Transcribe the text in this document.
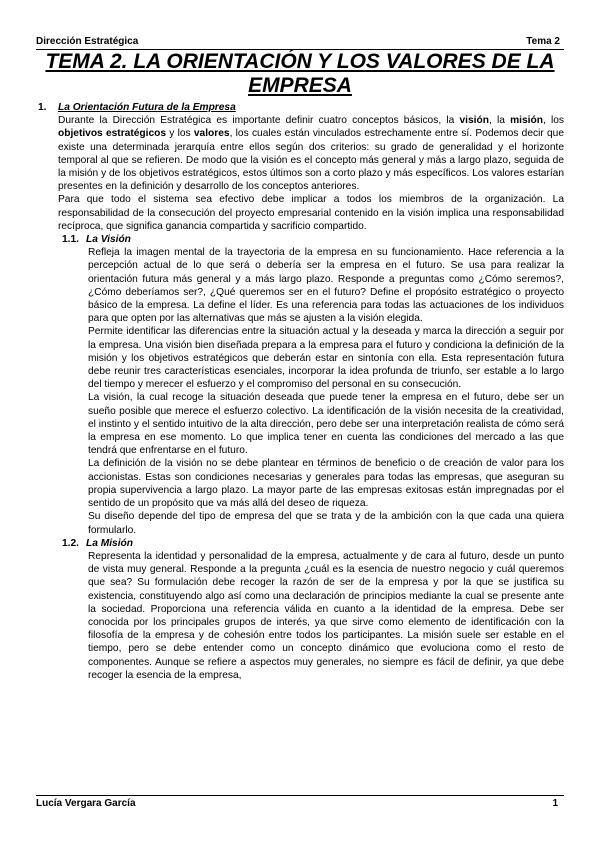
Dirección Estratégica	Tema 2
TEMA 2. LA ORIENTACIÓN Y LOS VALORES DE LA EMPRESA

1. La Orientación Futura de la Empresa

Durante la Dirección Estratégica es importante definir cuatro conceptos básicos, la visión, la misión, los objetivos estratégicos y los valores, los cuales están vinculados estrechamente entre sí. Podemos decir que existe una determinada jerarquía entre ellos según dos criterios: su grado de generalidad y el horizonte temporal al que se refieren. De modo que la visión es el concepto más general y más a largo plazo, seguida de la misión y de los objetivos estratégicos, estos últimos son a corto plazo y más específicos. Los valores estarían presentes en la definición y desarrollo de los conceptos anteriores.

Para que todo el sistema sea efectivo debe implicar a todos los miembros de la organización. La responsabilidad de la consecución del proyecto empresarial contenido en la visión implica una responsabilidad recíproca, que significa ganancia compartida y sacrificio compartido.

1.1. La Visión

Refleja la imagen mental de la trayectoria de la empresa en su funcionamiento. Hace referencia a la percepción actual de lo que será o debería ser la empresa en el futuro. Se usa para realizar la orientación futura más general y a más largo plazo. Responde a preguntas como ¿Cómo seremos?, ¿Cómo deberíamos ser?, ¿Qué queremos ser en el futuro? Define el propósito estratégico o proyecto básico de la empresa. La define el líder. Es una referencia para todas las actuaciones de los individuos para que opten por las alternativas que más se ajusten a la visión elegida.

Permite identificar las diferencias entre la situación actual y la deseada y marca la dirección a seguir por la empresa. Una visión bien diseñada prepara a la empresa para el futuro y condiciona la definición de la misión y los objetivos estratégicos que deberán estar en sintonía con ella. Esta representación futura debe reunir tres características esenciales, incorporar la idea profunda de triunfo, ser estable a lo largo del tiempo y merecer el esfuerzo y el compromiso del personal en su consecución.

La visión, la cual recoge la situación deseada que puede tener la empresa en el futuro, debe ser un sueño posible que merece el esfuerzo colectivo. La identificación de la visión necesita de la creatividad, el instinto y el sentido intuitivo de la alta dirección, pero debe ser una interpretación realista de cómo será la empresa en ese momento. Lo que implica tener en cuenta las condiciones del mercado a las que tendrá que enfrentarse en el futuro.

La definición de la visión no se debe plantear en términos de beneficio o de creación de valor para los accionistas. Estas son condiciones necesarias y generales para todas las empresas, que aseguran su propia supervivencia a largo plazo. La mayor parte de las empresas exitosas están impregnadas por el sentido de un propósito que va más allá del deseo de riqueza.

Su diseño depende del tipo de empresa del que se trata y de la ambición con la que cada una quiera formularlo.

1.2. La Misión

Representa la identidad y personalidad de la empresa, actualmente y de cara al futuro, desde un punto de vista muy general. Responde a la pregunta ¿cuál es la esencia de nuestro negocio y cuál queremos que sea? Su formulación debe recoger la razón de ser de la empresa y por la que se justifica su existencia, constituyendo algo así como una declaración de principios mediante la cual se presente ante la sociedad. Proporciona una referencia válida en cuanto a la identidad de la empresa. Debe ser conocida por los principales grupos de interés, ya que sirve como elemento de identificación con la filosofía de la empresa y de cohesión entre todos los participantes. La misión suele ser estable en el tiempo, pero se debe entender como un concepto dinámico que evoluciona como el resto de componentes. Aunque se refiere a aspectos muy generales, no siempre es fácil de definir, ya que debe recoger la esencia de la empresa,

Lucía Vergara García	1
